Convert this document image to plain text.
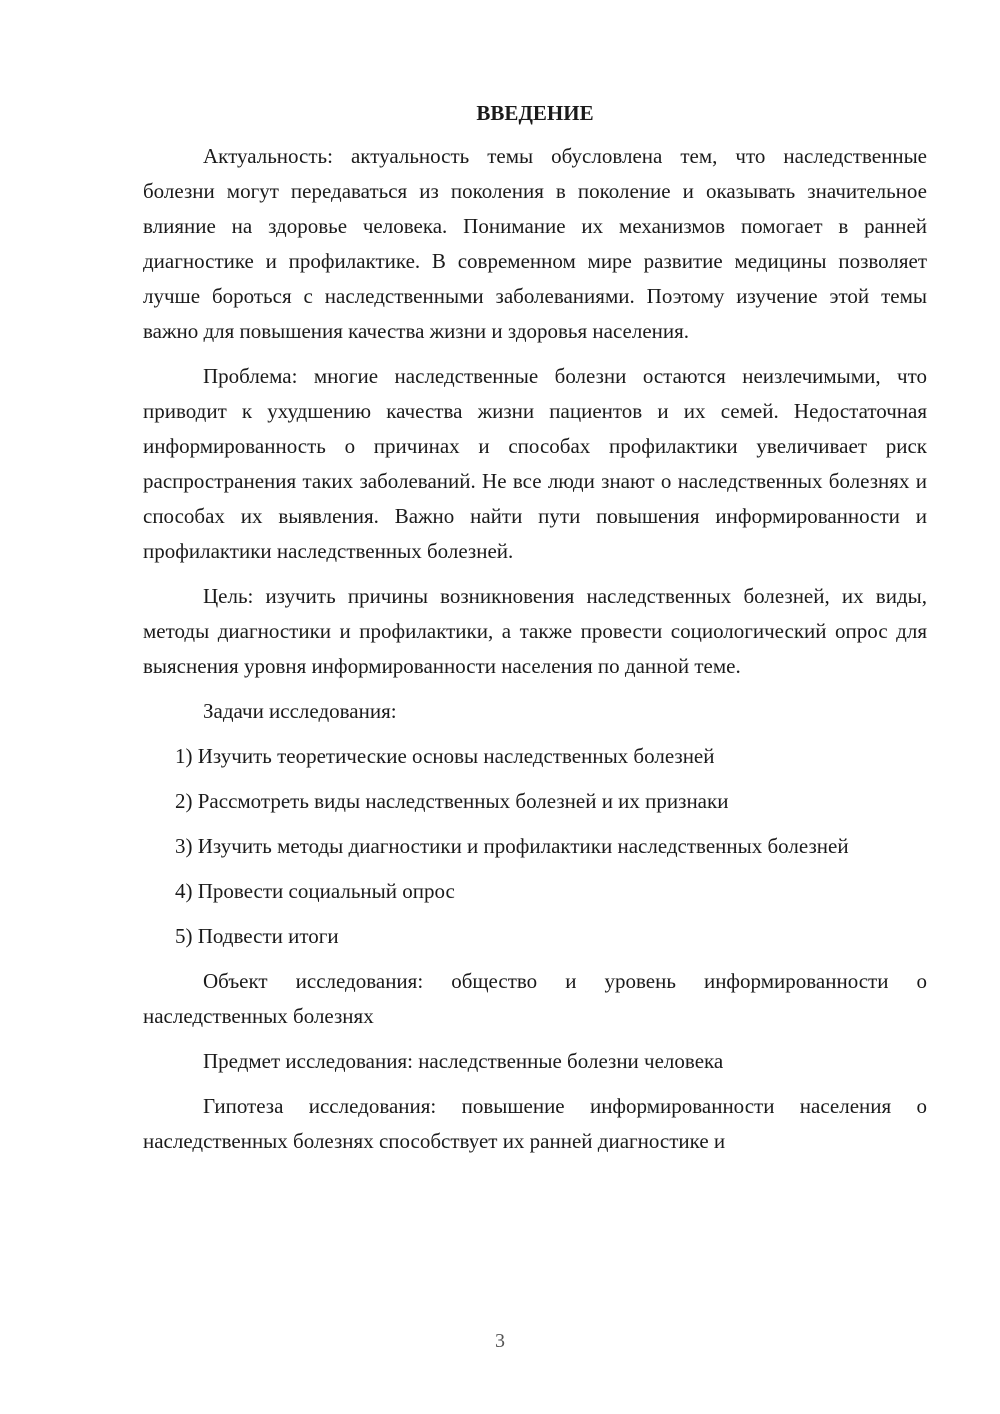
ВВЕДЕНИЕ

Актуальность: актуальность темы обусловлена тем, что наследственные болезни могут передаваться из поколения в поколение и оказывать значительное влияние на здоровье человека. Понимание их механизмов помогает в ранней диагностике и профилактике. В современном мире развитие медицины позволяет лучше бороться с наследственными заболеваниями. Поэтому изучение этой темы важно для повышения качества жизни и здоровья населения.

Проблема: многие наследственные болезни остаются неизлечимыми, что приводит к ухудшению качества жизни пациентов и их семей. Недостаточная информированность о причинах и способах профилактики увеличивает риск распространения таких заболеваний. Не все люди знают о наследственных болезнях и способах их выявления. Важно найти пути повышения информированности и профилактики наследственных болезней.

Цель: изучить причины возникновения наследственных болезней, их виды, методы диагностики и профилактики, а также провести социологический опрос для выяснения уровня информированности населения по данной теме.

Задачи исследования:

1) Изучить теоретические основы наследственных болезней
2) Рассмотреть виды наследственных болезней и их признаки
3) Изучить методы диагностики и профилактики наследственных болезней
4) Провести социальный опрос
5) Подвести итоги

Объект исследования: общество и уровень информированности о наследственных болезнях

Предмет исследования: наследственные болезни человека

Гипотеза исследования: повышение информированности населения о наследственных болезнях способствует их ранней диагностике и

3
